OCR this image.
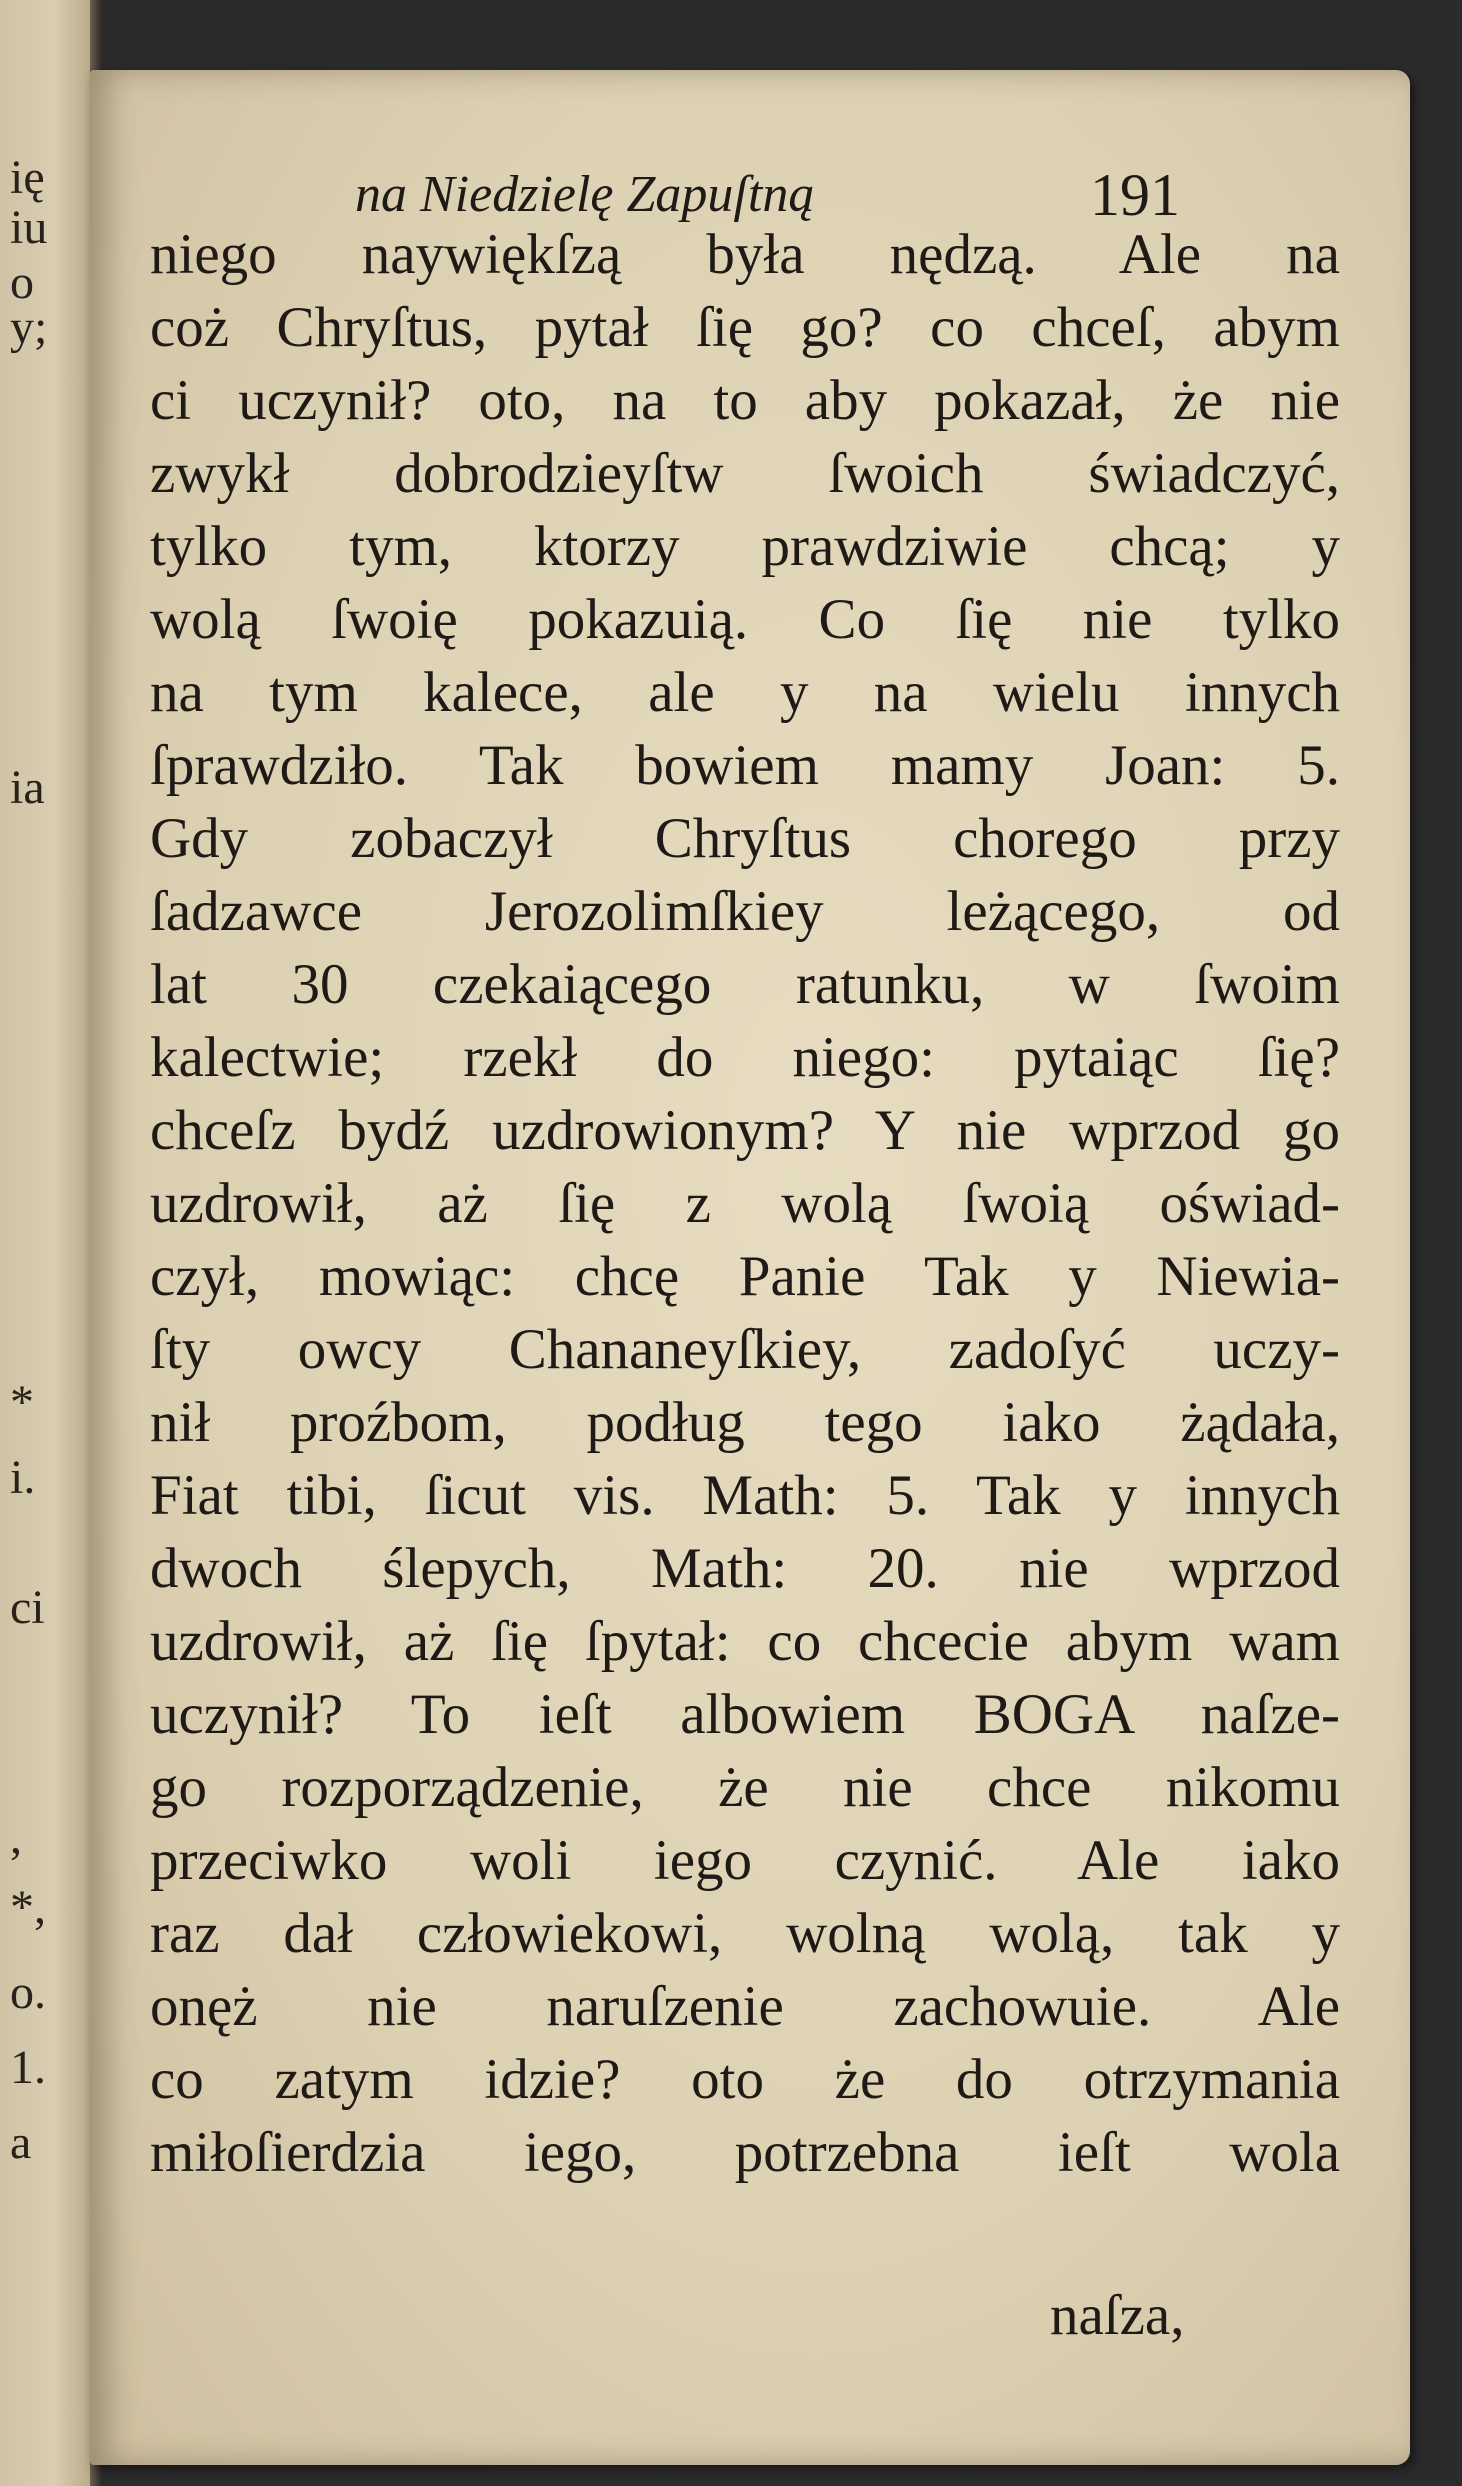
ię
iu
o
y;
ia
*
i.
ci
,
*,
o.
1.
a
na Niedzielę Zapuſtną	191
niego naywiękſzą była nędzą. Ale na
coż Chryſtus, pytał ſię go? co chceſ, abym
ci uczynił? oto, na to aby pokazał, że nie
zwykł dobrodzieyſtw ſwoich świadczyć,
tylko tym, ktorzy prawdziwie chcą; y
wolą ſwoię pokazuią. Co ſię nie tylko
na tym kalece, ale y na wielu innych
ſprawdziło. Tak bowiem mamy Joan: 5.
Gdy zobaczył Chryſtus chorego przy
ſadzawce Jerozolimſkiey leżącego, od
lat 30 czekaiącego ratunku, w ſwoim
kalectwie; rzekł do niego: pytaiąc ſię?
chceſz bydź uzdrowionym? Y nie wprzod go
uzdrowił, aż ſię z wolą ſwoią oświad-
czył, mowiąc: chcę Panie Tak y Niewia-
ſty owcy Chananeyſkiey, zadoſyć uczy-
nił proźbom, podług tego iako żądała,
Fiat tibi, ſicut vis. Math: 5. Tak y innych
dwoch ślepych, Math: 20. nie wprzod
uzdrowił, aż ſię ſpytał: co chcecie abym wam
uczynił? To ieſt albowiem BOGA naſze-
go rozporządzenie, że nie chce nikomu
przeciwko woli iego czynić. Ale iako
raz dał człowiekowi, wolną wolą, tak y
onęż nie naruſzenie zachowuie. Ale
co zatym idzie? oto że do otrzymania
miłoſierdzia iego, potrzebna ieſt wola
naſza,
